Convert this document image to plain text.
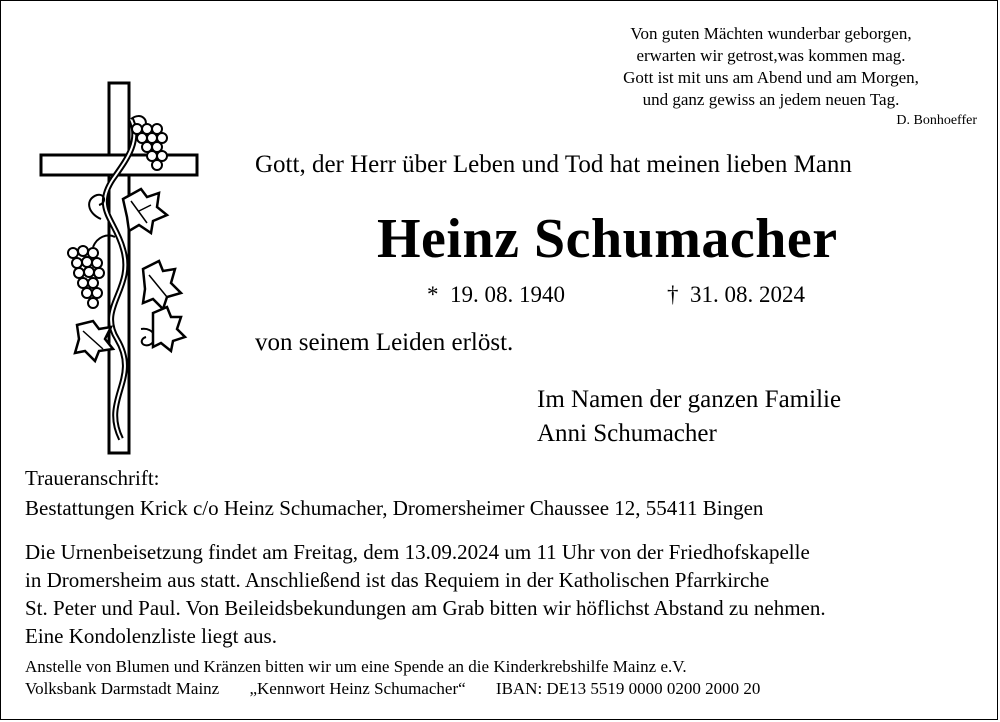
Von guten Mächten wunderbar geborgen,
erwarten wir getrost,was kommen mag.
Gott ist mit uns am Abend und am Morgen,
und ganz gewiss an jedem neuen Tag.
D. Bonhoeffer
Gott, der Herr über Leben und Tod hat meinen lieben Mann
Heinz Schumacher
* 19. 08. 1940	† 31. 08. 2024
von seinem Leiden erlöst.
Im Namen der ganzen Familie
Anni Schumacher
Traueranschrift:
Bestattungen Krick c/o Heinz Schumacher, Dromersheimer Chaussee 12, 55411 Bingen
Die Urnenbeisetzung findet am Freitag, dem 13.09.2024 um 11 Uhr von der Friedhofskapelle
in Dromersheim aus statt. Anschließend ist das Requiem in der Katholischen Pfarrkirche
St. Peter und Paul. Von Beileidsbekundungen am Grab bitten wir höflichst Abstand zu nehmen.
Eine Kondolenzliste liegt aus.
Anstelle von Blumen und Kränzen bitten wir um eine Spende an die Kinderkrebshilfe Mainz e.V.
Volksbank Darmstadt Mainz „Kennwort Heinz Schumacher“ IBAN: DE13 5519 0000 0200 2000 20
